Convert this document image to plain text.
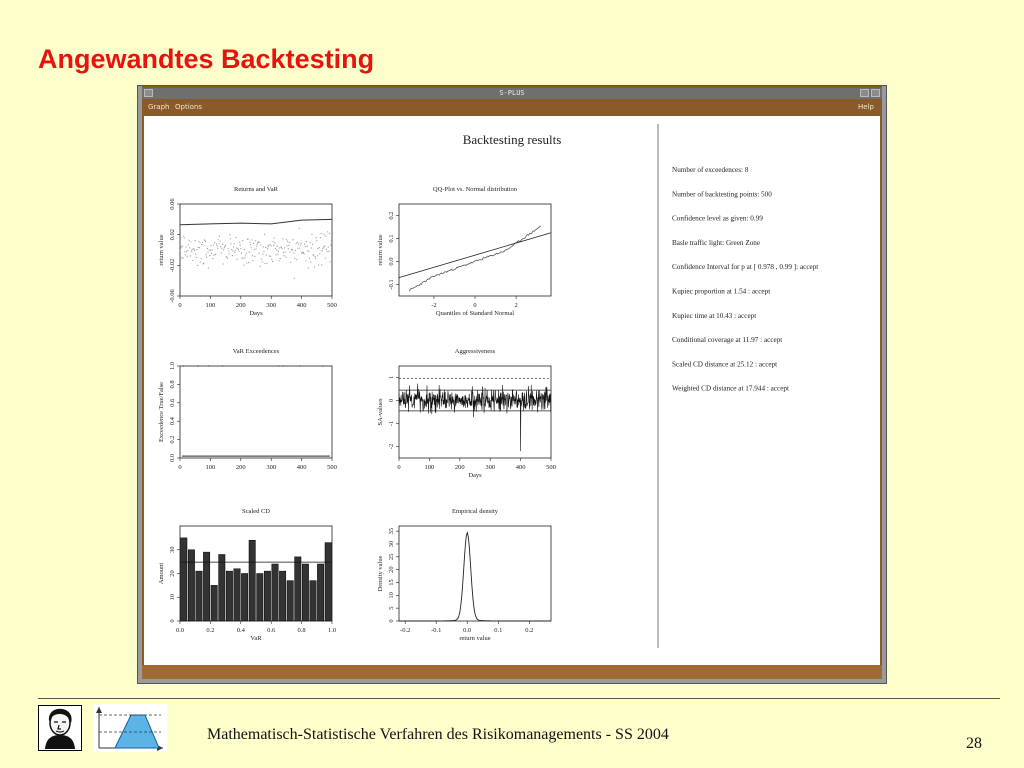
Angewandtes Backtesting
S-PLUS
Graph Options	Help
Backtesting results
Number of exceedences: 8
Number of backtesting points: 500
Confidence level as given: 0.99
Basle traffic light: Green Zone
Confidence Interval for p at [ 0.978 , 0.99 ]: accept
Kupiec proportion at 1.54 : accept
Kupiec time at 10.43 : accept
Conditional coverage at 11.97 : accept
Scaled CD distance at 25.12 : accept
Weighted CD distance at 17.944 : accept
Returns and VaR
0	100	200	300	400	500
-0.06
-0.02
0.02
0.06
Days
return value
QQ-Plot vs. Normal distribution
-2	0	2
-0.1
0.0
0.1
0.2
Quantiles of Standard Normal
return value
VaR Exceedences
0	100	200	300	400	500
0.0
0.2
0.4
0.6
0.8
1.0
Exceedence True/False
Aggressiveness
0	100	200	300	400	500
-2
-1
0
1
Days
SA-values
Scaled CD
0.0	0.2	0.4	0.6	0.8	1.0
0
10
20
30
VaR
Amount
Empirical density
-0.2	-0.1	0.0	0.1	0.2
0
5
10
15
20
25
30
35
return value
Density value
Mathematisch-Statistische Verfahren des Risikomanagements - SS 2004
28
